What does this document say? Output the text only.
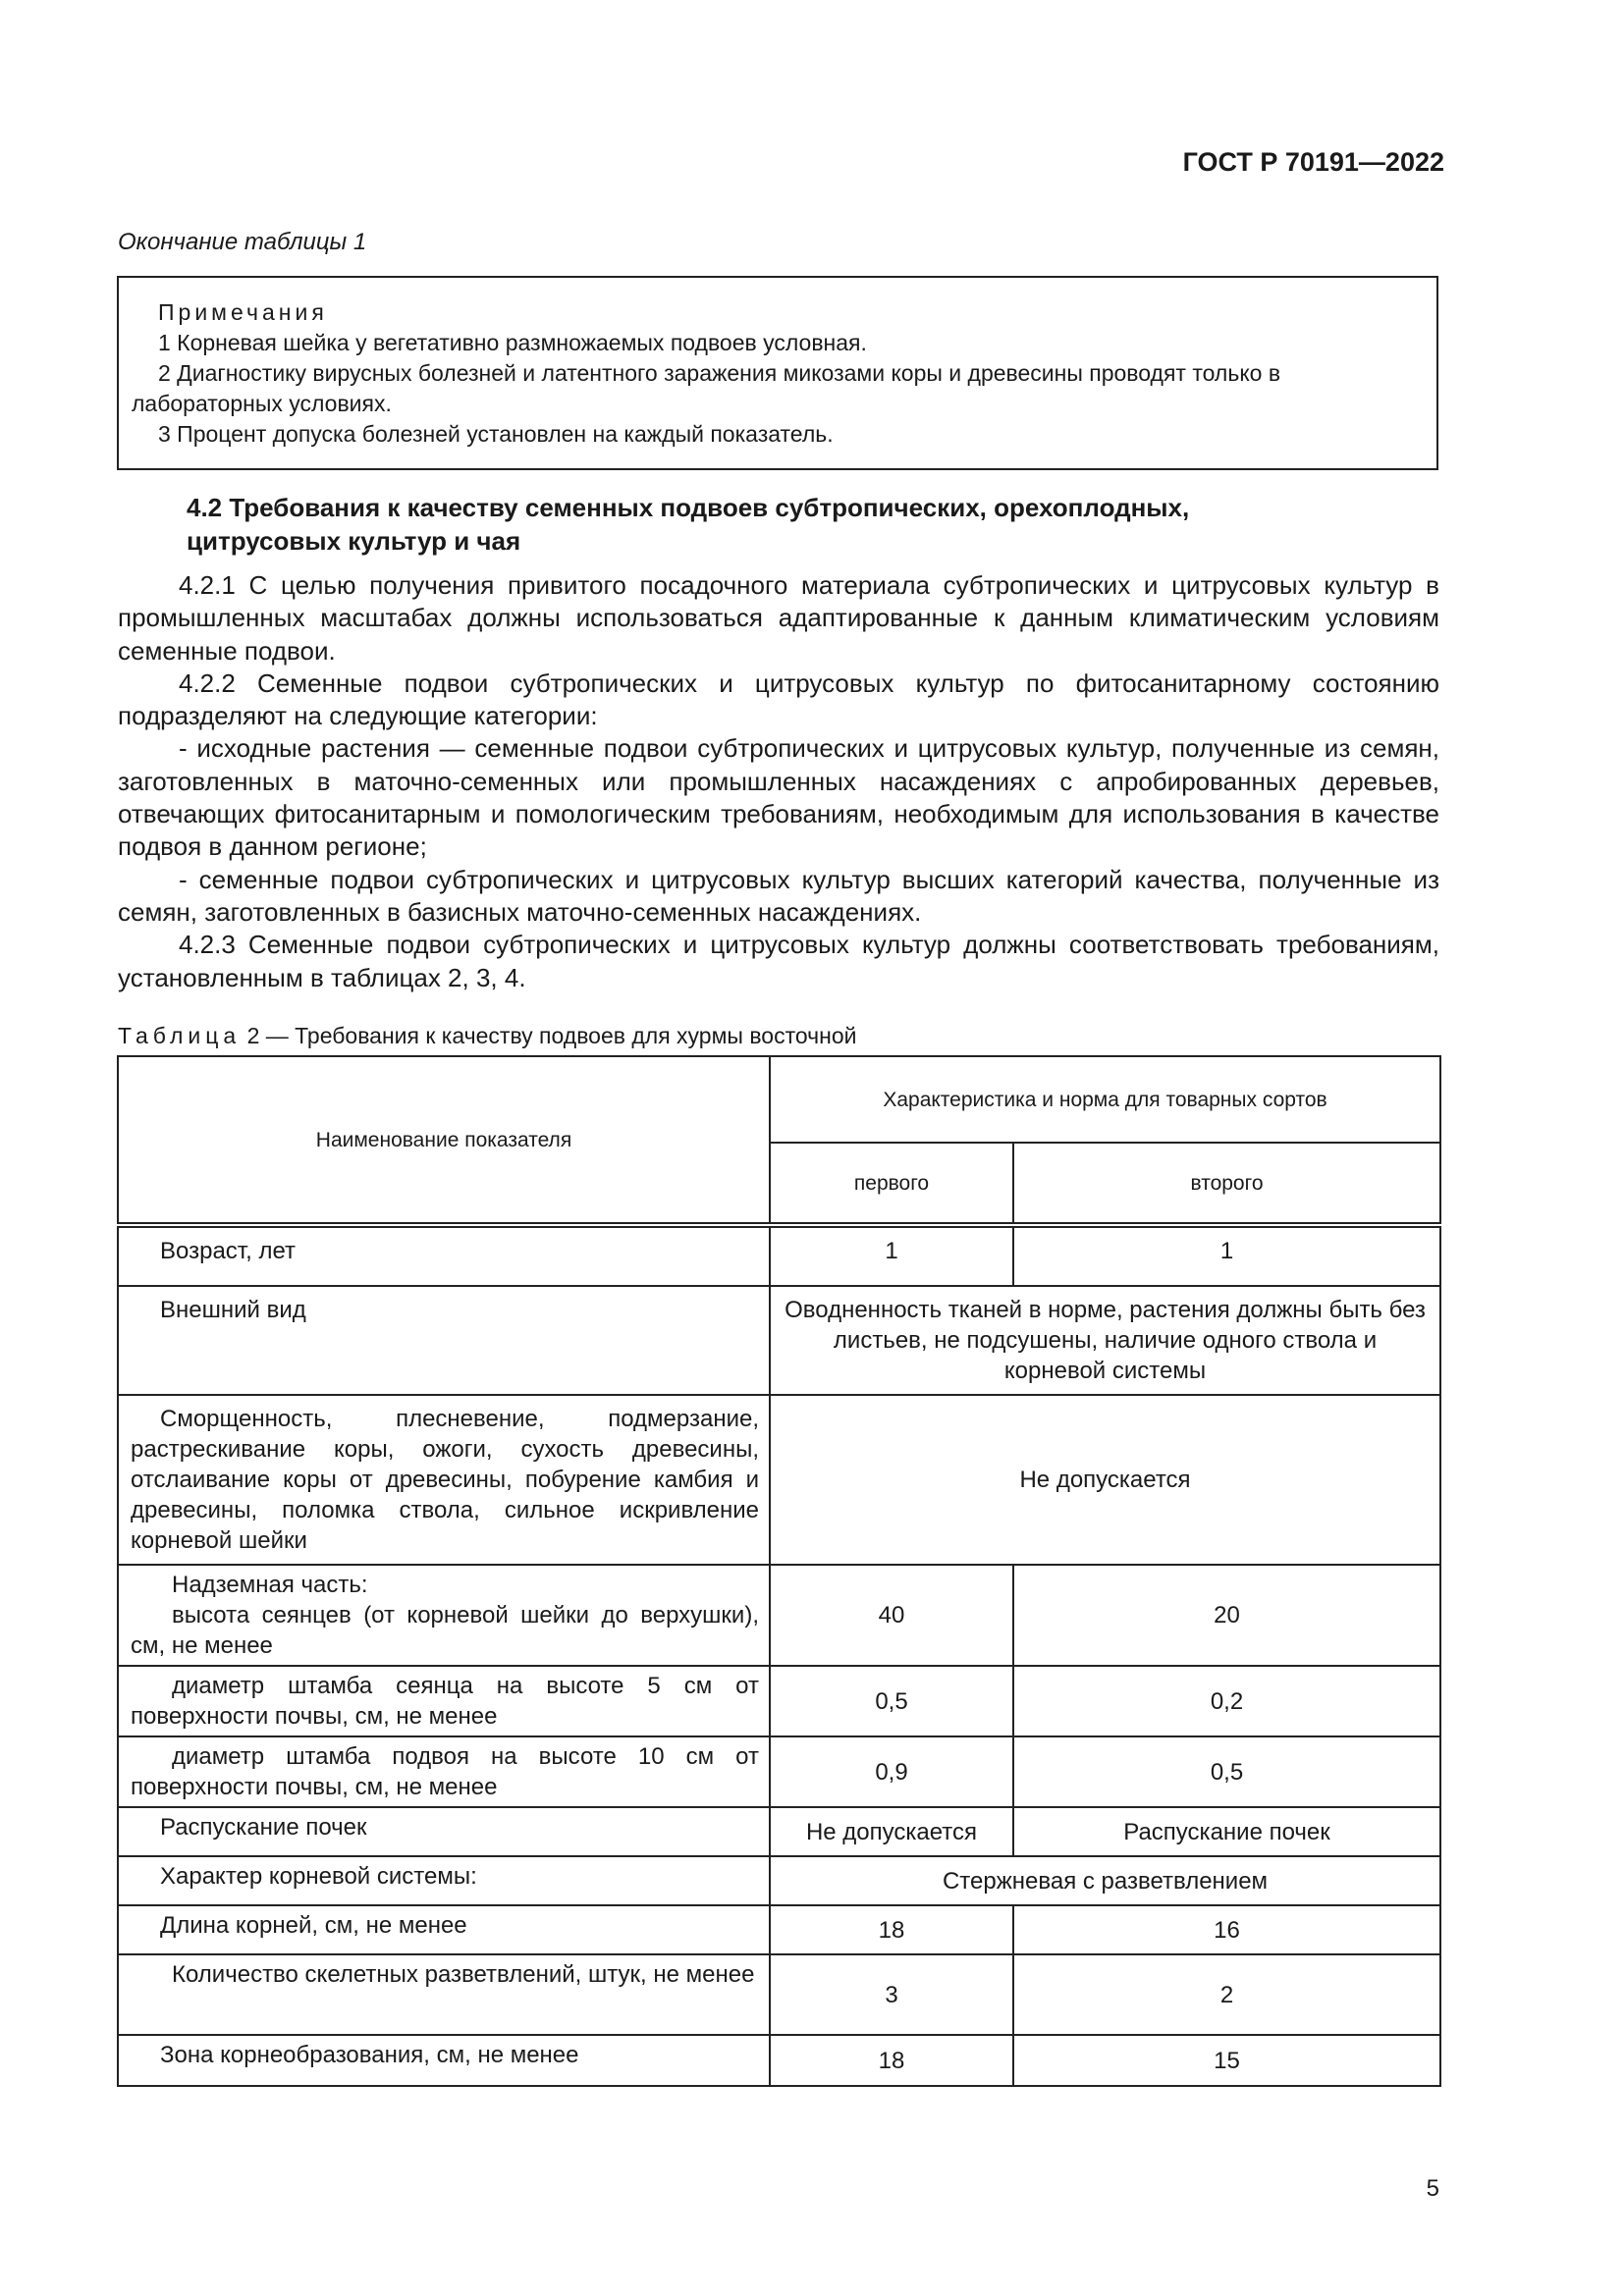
ГОСТ Р 70191—2022
Окончание таблицы 1
Примечания
1 Корневая шейка у вегетативно размножаемых подвоев условная.
2 Диагностику вирусных болезней и латентного заражения микозами коры и древесины проводят только в
лабораторных условиях.
3 Процент допуска болезней установлен на каждый показатель.
4.2 Требования к качеству семенных подвоев субтропических, орехоплодных,
цитрусовых культур и чая

4.2.1 С целью получения привитого посадочного материала субтропических и цитрусовых культур в промышленных масштабах должны использоваться адаптированные к данным климатическим условиям семенные подвои.

4.2.2 Семенные подвои субтропических и цитрусовых культур по фитосанитарному состоянию подразделяют на следующие категории:

- исходные растения — семенные подвои субтропических и цитрусовых культур, полученные из семян, заготовленных в маточно-семенных или промышленных насаждениях с апробированных деревьев, отвечающих фитосанитарным и помологическим требованиям, необходимым для использования в качестве подвоя в данном регионе;

- семенные подвои субтропических и цитрусовых культур высших категорий качества, полученные из семян, заготовленных в базисных маточно-семенных насаждениях.

4.2.3 Семенные подвои субтропических и цитрусовых культур должны соответствовать требованиям, установленным в таблицах 2, 3, 4.

Таблица 2 — Требования к качеству подвоев для хурмы восточной
Наименование показателя	Характеристика и норма для товарных сортов	
	первого	второго
Возраст, лет	1	1
Внешний вид	Оводненность тканей в норме, растения должны быть без листьев, не подсушены, наличие одного ствола и корневой системы	

Сморщенность, плесневение, подмерзание, растрескивание коры, ожоги, сухость древесины, отслаивание коры от древесины, побурение камбия и древесины, поломка ствола, сильное искривление корневой шейки	Не допускается	

Надземная часть:
высота сеянцев (от корневой шейки до верхушки), см, не менее	40	20

диаметр штамба сеянца на высоте 5 см от поверхности почвы, см, не менее	0,5	0,2

диаметр штамба подвоя на высоте 10 см от поверхности почвы, см, не менее	0,9	0,5
Распускание почек	Не допускается	Распускание почек
Характер корневой системы:	Стержневая с разветвлением	
Длина корней, см, не менее	18	16

Количество скелетных разветвлений, штук, не менее	3	2
Зона корнеобразования, см, не менее	18	15
5
